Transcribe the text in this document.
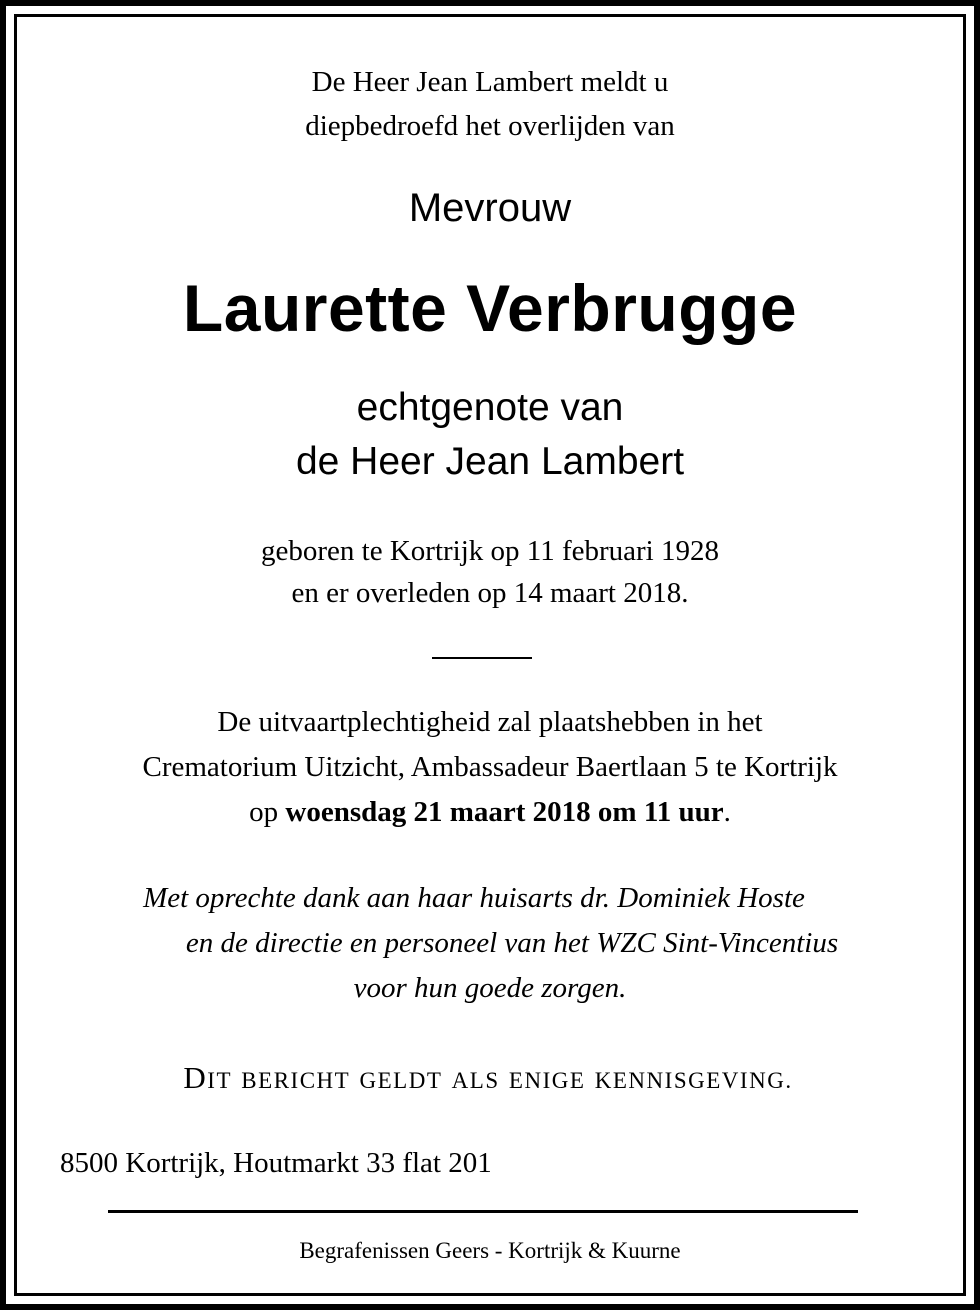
De Heer Jean Lambert meldt u
diepbedroefd het overlijden van
Mevrouw
Laurette Verbrugge
echtgenote van
de Heer Jean Lambert
geboren te Kortrijk op 11 februari 1928
en er overleden op 14 maart 2018.
De uitvaartplechtigheid zal plaatshebben in het
Crematorium Uitzicht, Ambassadeur Baertlaan 5 te Kortrijk
op woensdag 21 maart 2018 om 11 uur.
Met oprechte dank aan haar huisarts dr. Dominiek Hoste
en de directie en personeel van het WZC Sint-Vincentius
voor hun goede zorgen.
DIT BERICHT GELDT ALS ENIGE KENNISGEVING.
8500 Kortrijk, Houtmarkt 33 flat 201
Begrafenissen Geers - Kortrijk & Kuurne
